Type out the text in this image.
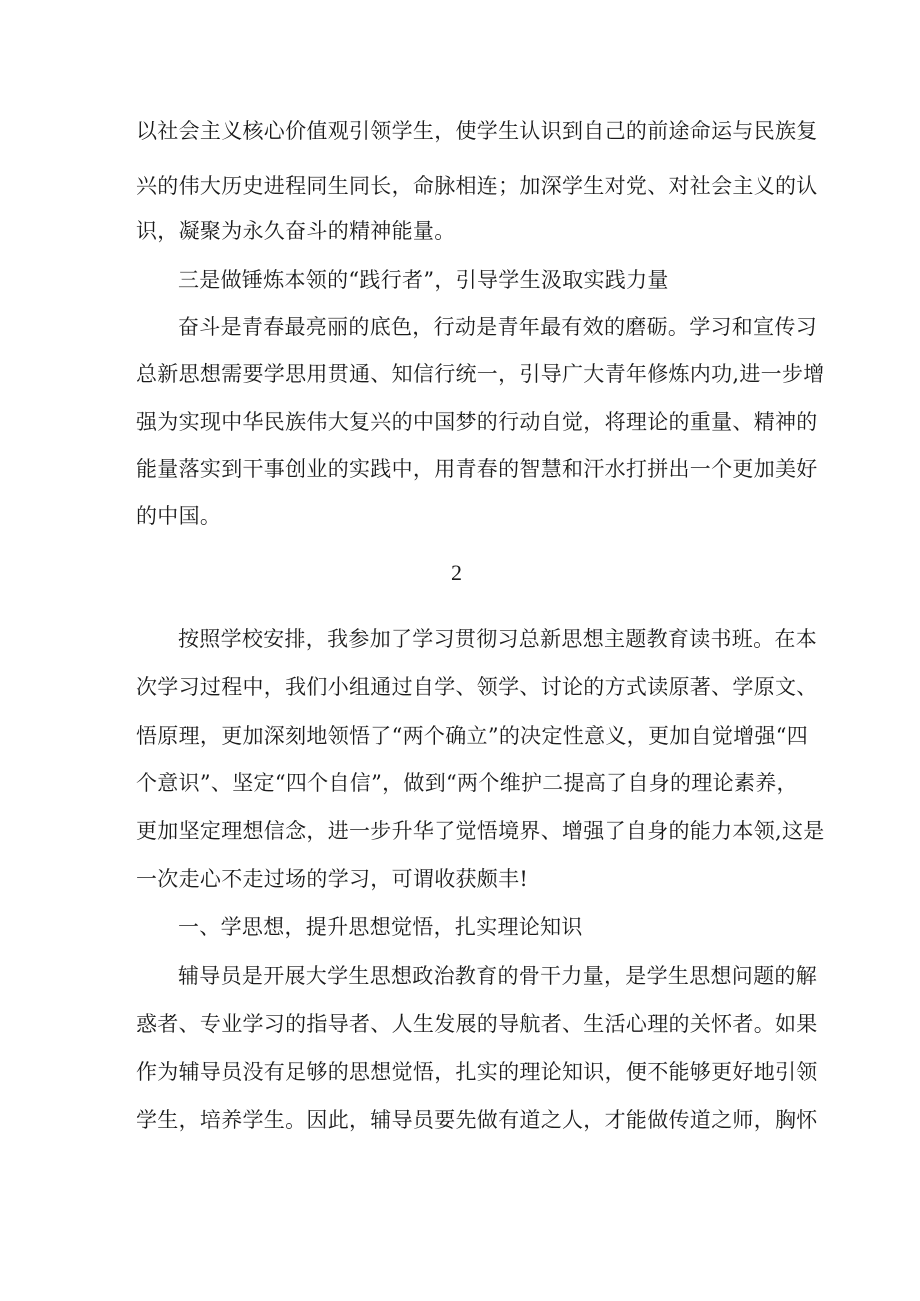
以社会主义核心价值观引领学生，使学生认识到自己的前途命运与民族复
兴的伟大历史进程同生同长，命脉相连；加深学生对党、对社会主义的认
识，凝聚为永久奋斗的精神能量。
三是做锤炼本领的“践行者”，引导学生汲取实践力量
奋斗是青春最亮丽的底色，行动是青年最有效的磨砺。学习和宣传习
总新思想需要学思用贯通、知信行统一，引导广大青年修炼内功,进一步增
强为实现中华民族伟大复兴的中国梦的行动自觉，将理论的重量、精神的
能量落实到干事创业的实践中，用青春的智慧和汗水打拼出一个更加美好
的中国。
2
按照学校安排，我参加了学习贯彻习总新思想主题教育读书班。在本
次学习过程中，我们小组通过自学、领学、讨论的方式读原著、学原文、
悟原理，更加深刻地领悟了“两个确立”的决定性意义，更加自觉增强“四
个意识”、坚定“四个自信”，做到“两个维护二提高了自身的理论素养，
更加坚定理想信念，进一步升华了觉悟境界、增强了自身的能力本领,这是
一次走心不走过场的学习，可谓收获颇丰!
一、学思想，提升思想觉悟，扎实理论知识
辅导员是开展大学生思想政治教育的骨干力量，是学生思想问题的解
惑者、专业学习的指导者、人生发展的导航者、生活心理的关怀者。如果
作为辅导员没有足够的思想觉悟，扎实的理论知识，便不能够更好地引领
学生，培养学生。因此，辅导员要先做有道之人，才能做传道之师，胸怀
